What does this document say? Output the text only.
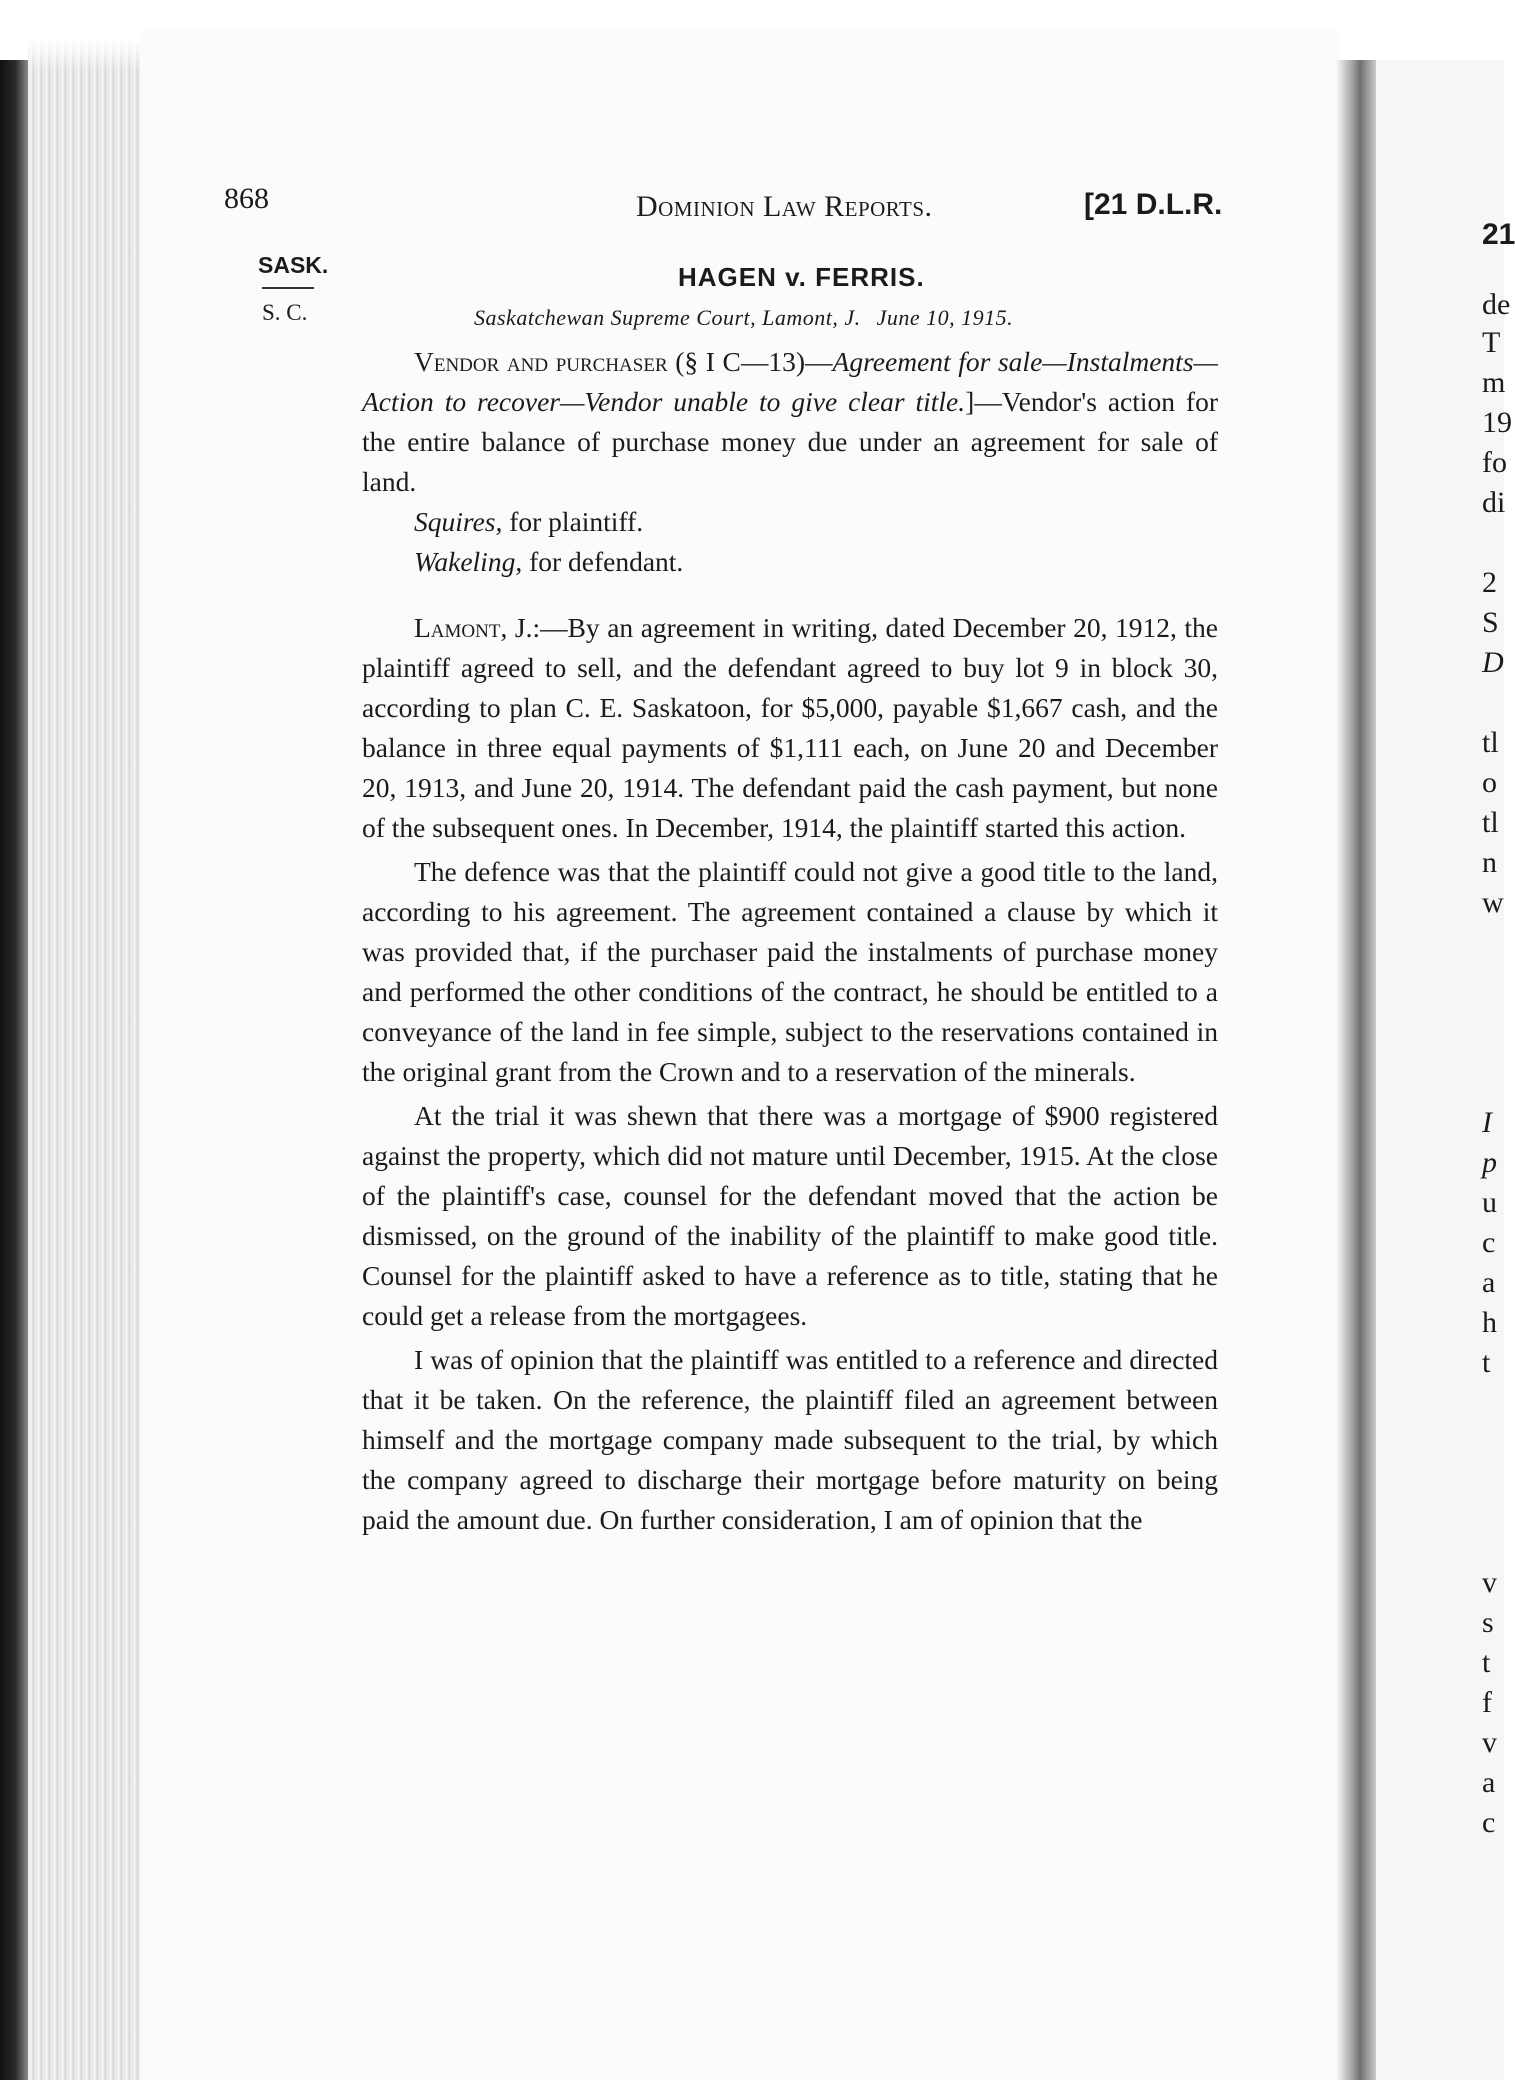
21
de
T
m
19
fo
di
2
S
D
tl
o
tl
n
w
I
p
u
c
a
h
t
v
s
t
f
v
a
c
868	Dominion Law Reports.	[21 D.L.R.
SASK.
S. C.
HAGEN v. FERRIS.
Saskatchewan Supreme Court, Lamont, J. June 10, 1915.

Vendor and purchaser (§ I C—13)—Agreement for sale—Instalments—Action to recover—Vendor unable to give clear title.]—Vendor's action for the entire balance of purchase money due under an agreement for sale of land.

Squires, for plaintiff.

Wakeling, for defendant.

Lamont, J.:—By an agreement in writing, dated December 20, 1912, the plaintiff agreed to sell, and the defendant agreed to buy lot 9 in block 30, according to plan C. E. Saskatoon, for $5,000, payable $1,667 cash, and the balance in three equal payments of $1,111 each, on June 20 and December 20, 1913, and June 20, 1914. The defendant paid the cash payment, but none of the subsequent ones. In December, 1914, the plaintiff started this action.

The defence was that the plaintiff could not give a good title to the land, according to his agreement. The agreement contained a clause by which it was provided that, if the purchaser paid the instalments of purchase money and performed the other conditions of the contract, he should be entitled to a conveyance of the land in fee simple, subject to the reservations contained in the original grant from the Crown and to a reservation of the minerals.

At the trial it was shewn that there was a mortgage of $900 registered against the property, which did not mature until December, 1915. At the close of the plaintiff's case, counsel for the defendant moved that the action be dismissed, on the ground of the inability of the plaintiff to make good title. Counsel for the plaintiff asked to have a reference as to title, stating that he could get a release from the mortgagees.

I was of opinion that the plaintiff was entitled to a reference and directed that it be taken. On the reference, the plaintiff filed an agreement between himself and the mortgage company made subsequent to the trial, by which the company agreed to discharge their mortgage before maturity on being paid the amount due. On further consideration, I am of opinion that the
